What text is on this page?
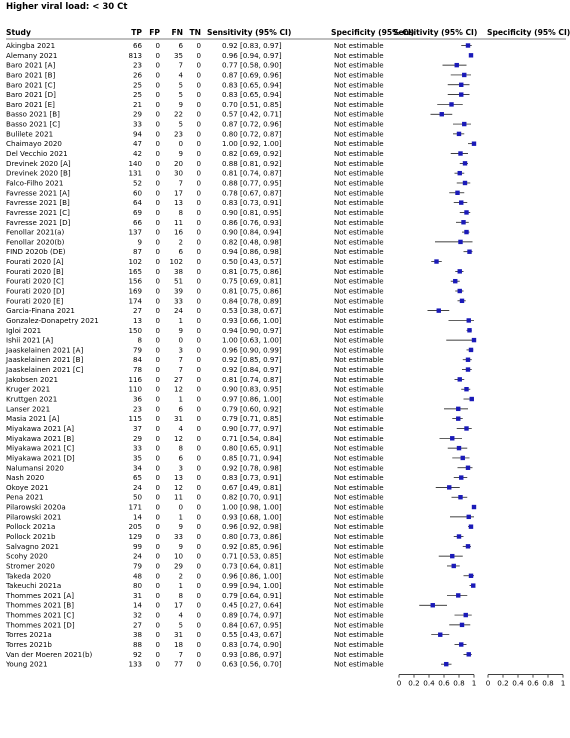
Higher viral load: < 30 Ct
Study	TP FP FN TN Sensitivity (95% CI)	Specificity (95% CI)
Sensitivity (95% CI) Specificity (95% CI)
Akingba 2021	66 0	6 0	0.92 [0.83, 0.97]	Not estimable
Alemany 2021	813 0 35 0	0.96 [0.94, 0.97]	Not estimable
Baro 2021 [A]	23 0	7 0	0.77 [0.58, 0.90]	Not estimable
Baro 2021 [B]	26 0	4 0	0.87 [0.69, 0.96]	Not estimable
Baro 2021 [C]	25 0	5 0	0.83 [0.65, 0.94]	Not estimable
Baro 2021 [D]	25 0	5 0	0.83 [0.65, 0.94]	Not estimable
Baro 2021 [E]	21 0	9 0	0.70 [0.51, 0.85]	Not estimable
Basso 2021 [B]	29 0 22 0	0.57 [0.42, 0.71]	Not estimable
Basso 2021 [C]	33 0	5 0	0.87 [0.72, 0.96]	Not estimable
Bulilete 2021	94 0 23 0	0.80 [0.72, 0.87]	Not estimable
Chaimayo 2020	47 0	0 0	1.00 [0.92, 1.00]	Not estimable
Del Vecchio 2021	42 0	9 0	0.82 [0.69, 0.92]	Not estimable
Drevinek 2020 [A]	140 0 20 0	0.88 [0.81, 0.92]	Not estimable
Drevinek 2020 [B]	131 0 30 0	0.81 [0.74, 0.87]	Not estimable
Falco-Filho 2021	52 0	7 0	0.88 [0.77, 0.95]	Not estimable
Favresse 2021 [A]	60 0 17 0	0.78 [0.67, 0.87]	Not estimable
Favresse 2021 [B]	64 0 13 0	0.83 [0.73, 0.91]	Not estimable
Favresse 2021 [C]	69 0	8 0	0.90 [0.81, 0.95]	Not estimable
Favresse 2021 [D]	66 0 11 0	0.86 [0.76, 0.93]	Not estimable
Fenollar 2021(a)	137 0 16 0	0.90 [0.84, 0.94]	Not estimable
Fenollar 2020(b)	9 0	2 0	0.82 [0.48, 0.98]	Not estimable
FIND 2020b (DE)	87 0	6 0	0.94 [0.86, 0.98]	Not estimable
Fourati 2020 [A]	102 0 102 0	0.50 [0.43, 0.57]	Not estimable
Fourati 2020 [B]	165 0 38 0	0.81 [0.75, 0.86]	Not estimable
Fourati 2020 [C]	156 0 51 0	0.75 [0.69, 0.81]	Not estimable
Fourati 2020 [D]	169 0 39 0	0.81 [0.75, 0.86]	Not estimable
Fourati 2020 [E]	174 0 33 0	0.84 [0.78, 0.89]	Not estimable
Garcia-Finana 2021	27 0 24 0	0.53 [0.38, 0.67]	Not estimable
Gonzalez-Donapetry 2021	13 0	1 0	0.93 [0.66, 1.00]	Not estimable
Igloi 2021	150 0	9 0	0.94 [0.90, 0.97]	Not estimable
Ishii 2021 [A]	8 0	0 0	1.00 [0.63, 1.00]	Not estimable
Jaaskelainen 2021 [A]	79 0	3 0	0.96 [0.90, 0.99]	Not estimable
Jaaskelainen 2021 [B]	84 0	7 0	0.92 [0.85, 0.97]	Not estimable
Jaaskelainen 2021 [C]	78 0	7 0	0.92 [0.84, 0.97]	Not estimable
Jakobsen 2021	116 0 27 0	0.81 [0.74, 0.87]	Not estimable
Kruger 2021	110 0 12 0	0.90 [0.83, 0.95]	Not estimable
Kruttgen 2021	36 0	1 0	0.97 [0.86, 1.00]	Not estimable
Lanser 2021	23 0	6 0	0.79 [0.60, 0.92]	Not estimable
Masia 2021 [A]	115 0 31 0	0.79 [0.71, 0.85]	Not estimable
Miyakawa 2021 [A]	37 0	4 0	0.90 [0.77, 0.97]	Not estimable
Miyakawa 2021 [B]	29 0 12 0	0.71 [0.54, 0.84]	Not estimable
Miyakawa 2021 [C]	33 0	8 0	0.80 [0.65, 0.91]	Not estimable
Miyakawa 2021 [D]	35 0	6 0	0.85 [0.71, 0.94]	Not estimable
Nalumansi 2020	34 0	3 0	0.92 [0.78, 0.98]	Not estimable
Nash 2020	65 0 13 0	0.83 [0.73, 0.91]	Not estimable
Okoye 2021	24 0 12 0	0.67 [0.49, 0.81]	Not estimable
Pena 2021	50 0 11 0	0.82 [0.70, 0.91]	Not estimable
Pilarowski 2020a	171 0	0 0	1.00 [0.98, 1.00]	Not estimable
Pilarowski 2021	14 0	1 0	0.93 [0.68, 1.00]	Not estimable
Pollock 2021a	205 0	9 0	0.96 [0.92, 0.98]	Not estimable
Pollock 2021b	129 0 33 0	0.80 [0.73, 0.86]	Not estimable
Salvagno 2021	99 0	9 0	0.92 [0.85, 0.96]	Not estimable
Scohy 2020	24 0 10 0	0.71 [0.53, 0.85]	Not estimable
Stromer 2020	79 0 29 0	0.73 [0.64, 0.81]	Not estimable
Takeda 2020	48 0	2 0	0.96 [0.86, 1.00]	Not estimable
Takeuchi 2021a	80 0	1 0	0.99 [0.94, 1.00]	Not estimable
Thommes 2021 [A]	31 0	8 0	0.79 [0.64, 0.91]	Not estimable
Thommes 2021 [B]	14 0 17 0	0.45 [0.27, 0.64]	Not estimable
Thommes 2021 [C]	32 0	4 0	0.89 [0.74, 0.97]	Not estimable
Thommes 2021 [D]	27 0	5 0	0.84 [0.67, 0.95]	Not estimable
Torres 2021a	38 0 31 0	0.55 [0.43, 0.67]	Not estimable
Torres 2021b	88 0 18 0	0.83 [0.74, 0.90]	Not estimable
Van der Moeren 2021(b)	92 0	7 0	0.93 [0.86, 0.97]	Not estimable
Young 2021	133 0 77 0	0.63 [0.56, 0.70]	Not estimable
0 0.2 0.4 0.6 0.8 1 0 0.2 0.4 0.6 0.8 1
